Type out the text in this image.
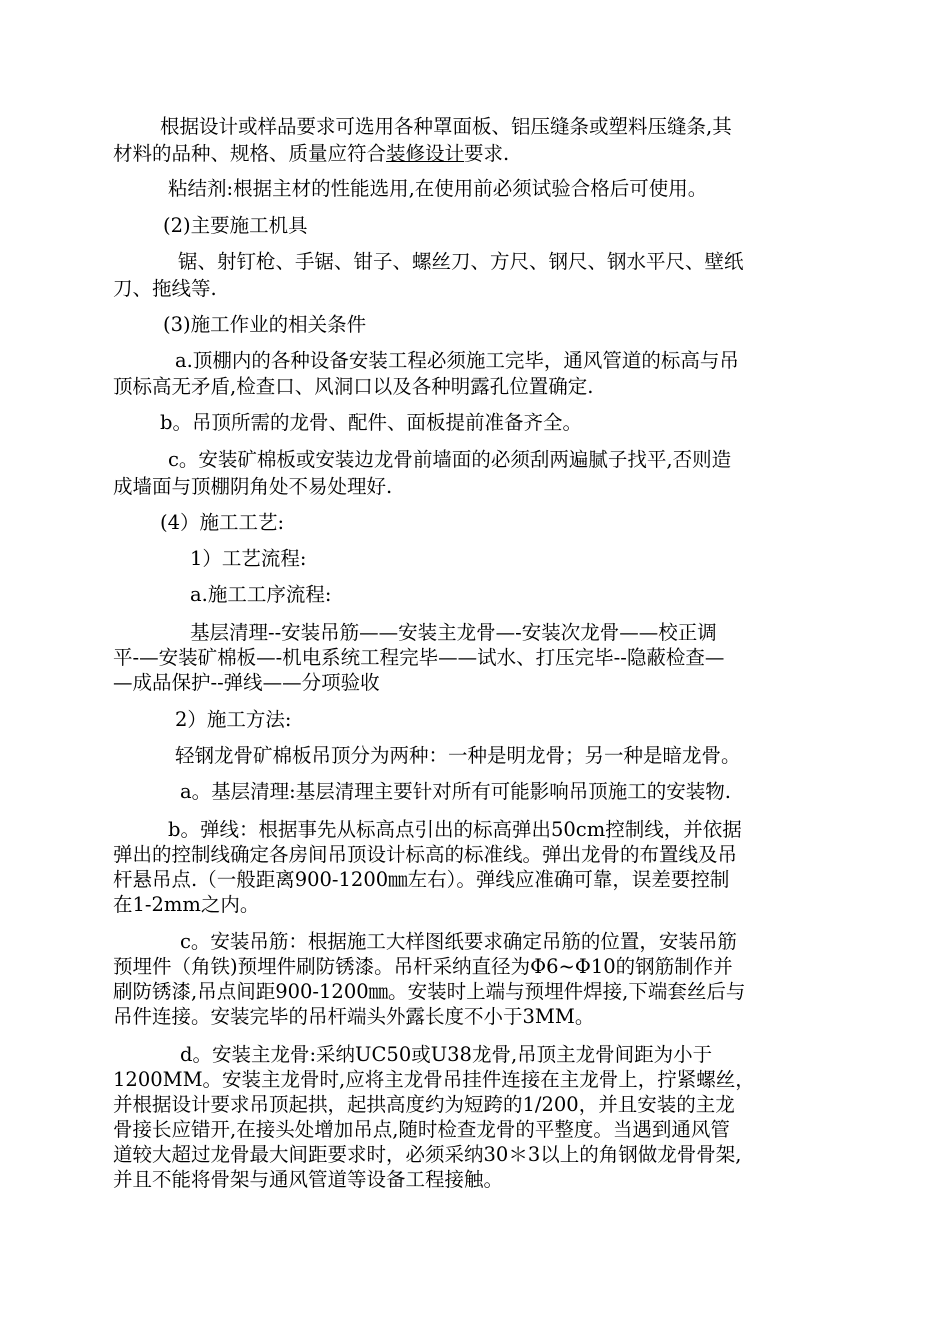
根据设计或样品要求可选用各种罩面板、铝压缝条或塑料压缝条,其

材料的品种、规格、质量应符合装修设计要求.

粘结剂:根据主材的性能选用,在使用前必须试验合格后可使用。

(2)主要施工机具

锯、射钉枪、手锯、钳子、螺丝刀、方尺、钢尺、钢水平尺、壁纸

刀、拖线等.

(3)施工作业的相关条件

a.顶棚内的各种设备安装工程必须施工完毕，通风管道的标高与吊

顶标高无矛盾,检查口、风洞口以及各种明露孔位置确定.

b。吊顶所需的龙骨、配件、面板提前准备齐全。

c。安装矿棉板或安装边龙骨前墙面的必须刮两遍腻子找平,否则造

成墙面与顶棚阴角处不易处理好.

(4）施工工艺:

1）工艺流程:

a.施工工序流程:

基层清理--安装吊筋——安装主龙骨—-安装次龙骨——校正调

平-—安装矿棉板—-机电系统工程完毕——试水、打压完毕--隐蔽检查—

—成品保护--弹线——分项验收

2）施工方法:

轻钢龙骨矿棉板吊顶分为两种：一种是明龙骨；另一种是暗龙骨。

a。基层清理:基层清理主要针对所有可能影响吊顶施工的安装物.

b。弹线：根据事先从标高点引出的标高弹出50cm控制线，并依据

弹出的控制线确定各房间吊顶设计标高的标准线。弹出龙骨的布置线及吊

杆悬吊点.（一般距离900-1200㎜左右）。弹线应准确可靠，误差要控制

在1-2mm之内。

c。安装吊筋：根据施工大样图纸要求确定吊筋的位置，安装吊筋

预埋件（角铁)预埋件刷防锈漆。吊杆采纳直径为Φ6~Φ10的钢筋制作并

刷防锈漆,吊点间距900-1200㎜。安装时上端与预埋件焊接,下端套丝后与

吊件连接。安装完毕的吊杆端头外露长度不小于3MM。

d。安装主龙骨:采纳UC50或U38龙骨,吊顶主龙骨间距为小于

1200MM。安装主龙骨时,应将主龙骨吊挂件连接在主龙骨上，拧紧螺丝，

并根据设计要求吊顶起拱，起拱高度约为短跨的1/200，并且安装的主龙

骨接长应错开,在接头处增加吊点,随时检查龙骨的平整度。当遇到通风管

道较大超过龙骨最大间距要求时，必须采纳30＊3以上的角钢做龙骨骨架,

并且不能将骨架与通风管道等设备工程接触。
